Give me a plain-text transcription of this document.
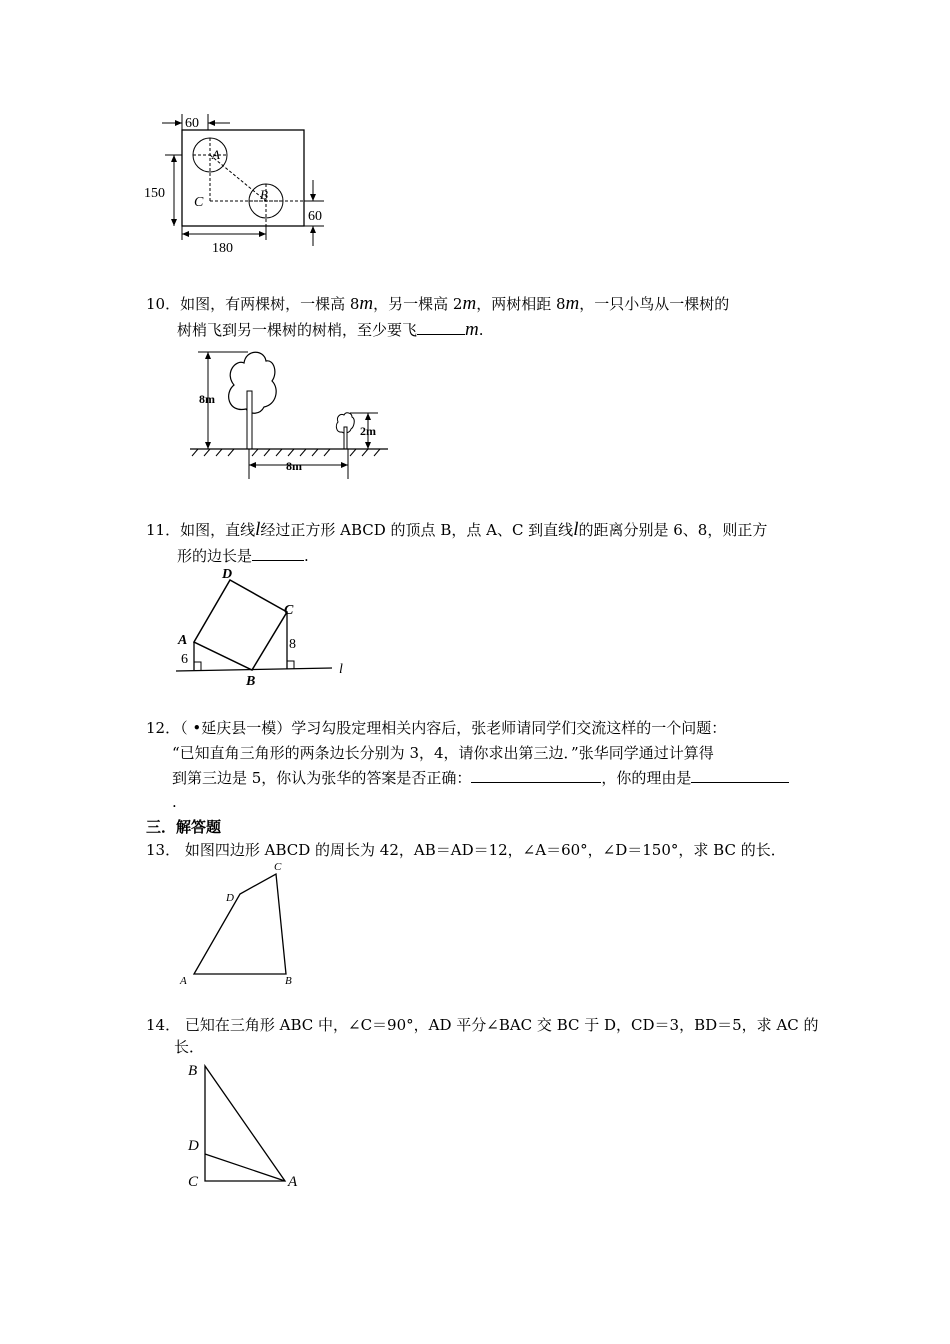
60
A
B
C
150
60
180
10．如图，有两棵树，一棵高 8m，另一棵高 2m，两树相距 8m，一只小鸟从一棵树的
树梢飞到另一棵树的树梢，至少要飞	m.
8m
2m
8m
11．如图，直线l经过正方形 ABCD 的顶点 B，点 A、C 到直线l的距离分别是 6、8，则正方
形的边长是	.
A
B
C
D
6
8
l
12．（ •延庆县一模）学习勾股定理相关内容后，张老师请同学们交流这样的一个问题：
“已知直角三角形的两条边长分别为 3，4，请你求出第三边．”张华同学通过计算得
到第三边是 5，你认为张华的答案是否正确：	，你的理由是
.
三．解答题
13． 如图四边形 ABCD 的周长为 42，AB＝AD＝12，∠A＝60°，∠D＝150°，求 BC 的长．
A	B
C
D
14． 已知在三角形 ABC 中，∠C＝90°，AD 平分∠BAC 交 BC 于 D，CD＝3，BD＝5，求 AC 的
长．
B
D
C	A
